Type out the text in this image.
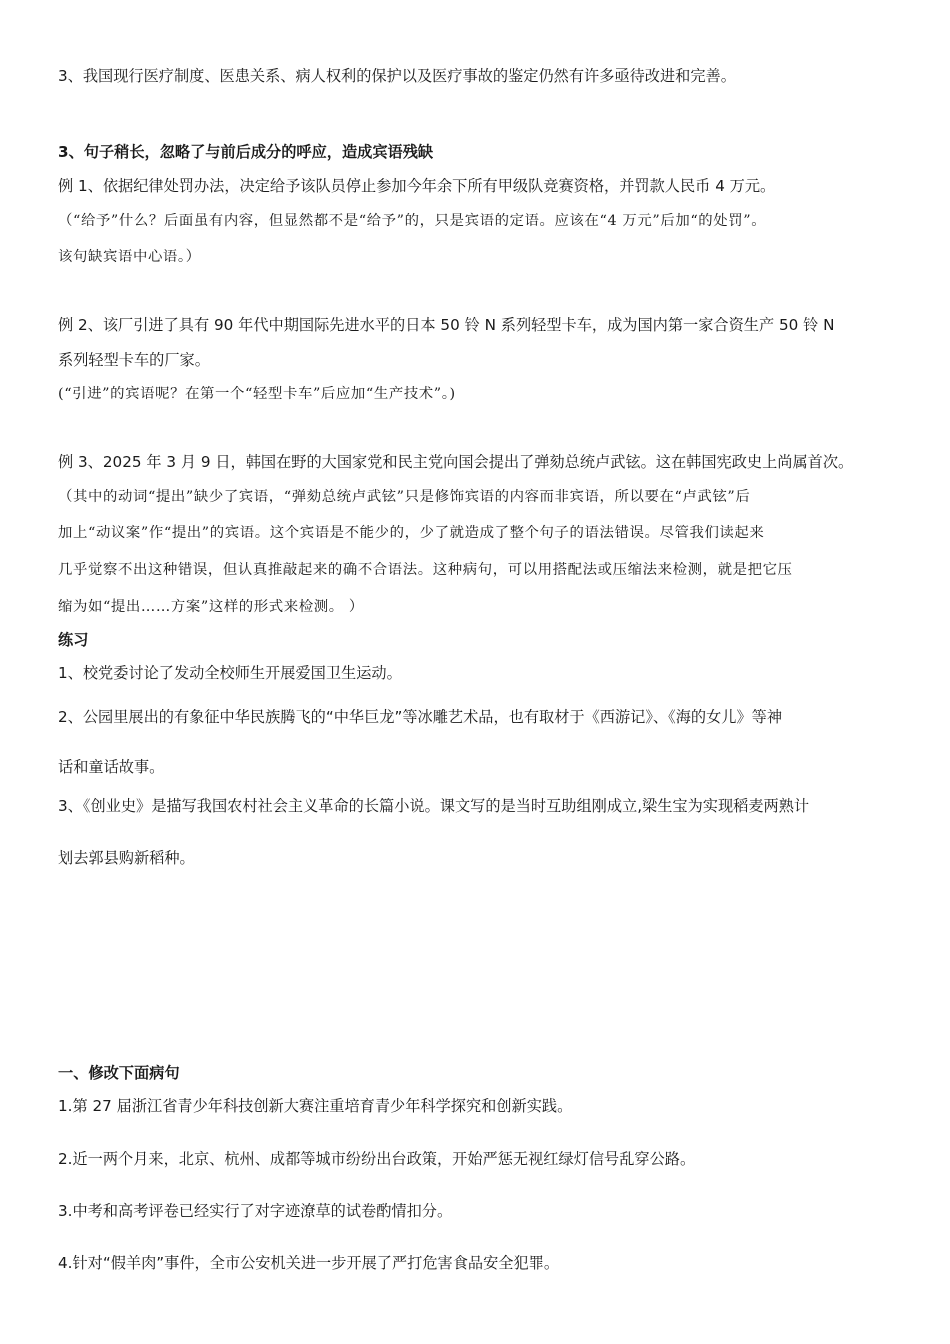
3、我国现行医疗制度、医患关系、病人权利的保护以及医疗事故的鉴定仍然有许多亟待改进和完善。
3、句子稍长，忽略了与前后成分的呼应，造成宾语残缺
例 1、依据纪律处罚办法，决定给予该队员停止参加今年余下所有甲级队竞赛资格，并罚款人民币 4 万元。
（“给予”什么？后面虽有内容，但显然都不是“给予”的，只是宾语的定语。应该在“4 万元”后加“的处罚”。
该句缺宾语中心语。）
例 2、该厂引进了具有 90 年代中期国际先进水平的日本 50 铃 N 系列轻型卡车，成为国内第一家合资生产 50 铃 N
系列轻型卡车的厂家。
(“引进”的宾语呢？在第一个“轻型卡车”后应加“生产技术”。)
例 3、2025 年 3 月 9 日，韩国在野的大国家党和民主党向国会提出了弹劾总统卢武铉。这在韩国宪政史上尚属首次。
（其中的动词“提出”缺少了宾语，“弹劾总统卢武铉”只是修饰宾语的内容而非宾语，所以要在“卢武铉”后
加上“动议案”作“提出”的宾语。这个宾语是不能少的，少了就造成了整个句子的语法错误。尽管我们读起来
几乎觉察不出这种错误，但认真推敲起来的确不合语法。这种病句，可以用搭配法或压缩法来检测，就是把它压
缩为如“提出……方案”这样的形式来检测。 ）
练习
1、校党委讨论了发动全校师生开展爱国卫生运动。
2、公园里展出的有象征中华民族腾飞的“中华巨龙”等冰雕艺术品，也有取材于《西游记》、《海的女儿》等神
话和童话故事。
3、《创业史》是描写我国农村社会主义革命的长篇小说。课文写的是当时互助组刚成立,梁生宝为实现稻麦两熟计
划去郭县购新稻种。
一、修改下面病句
1.第 27 届浙江省青少年科技创新大赛注重培育青少年科学探究和创新实践。
2.近一两个月来，北京、杭州、成都等城市纷纷出台政策，开始严惩无视红绿灯信号乱穿公路。
3.中考和高考评卷已经实行了对字迹潦草的试卷酌情扣分。
4.针对“假羊肉”事件，全市公安机关进一步开展了严打危害食品安全犯罪。
